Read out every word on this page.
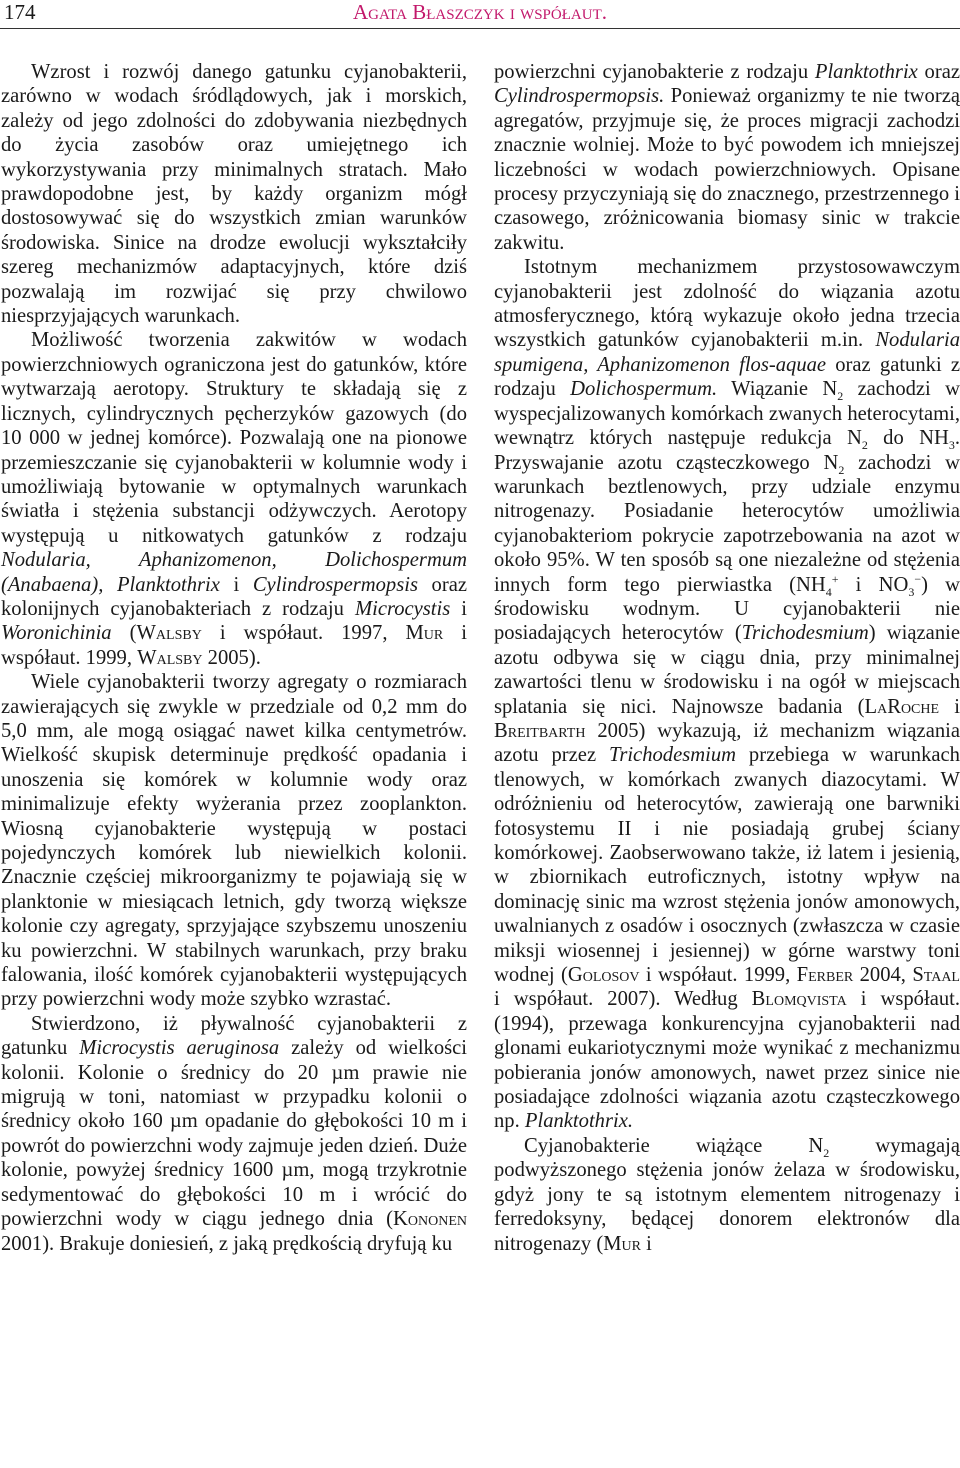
174	Agata Błaszczyk i współaut.

Wzrost i rozwój danego gatunku cyjanobakterii, zarówno w wodach śródlądowych, jak i morskich, zależy od jego zdolności do zdobywania niezbędnych do życia zasobów oraz umiejętnego ich wykorzystywania przy minimalnych stratach. Mało prawdopodobne jest, by każdy organizm mógł dostosowywać się do wszystkich zmian warunków środowiska. Sinice na drodze ewolucji wykształciły szereg mechanizmów adaptacyjnych, które dziś pozwalają im rozwijać się przy chwilowo niesprzyjających warunkach.

Możliwość tworzenia zakwitów w wodach powierzchniowych ograniczona jest do gatunków, które wytwarzają aerotopy. Struktury te składają się z licznych, cylindrycznych pęcherzyków gazowych (do 10 000 w jednej komórce). Pozwalają one na pionowe przemieszczanie się cyjanobakterii w kolumnie wody i umożliwiają bytowanie w optymalnych warunkach światła i stężenia substancji odżywczych. Aerotopy występują u nitkowatych gatunków z rodzaju Nodularia, Aphanizomenon, Dolichospermum (Anabaena), Planktothrix i Cylindrospermopsis oraz kolonijnych cyjanobakteriach z rodzaju Microcystis i Woronichinia (Walsby i współaut. 1997, Mur i współaut. 1999, Walsby 2005).

Wiele cyjanobakterii tworzy agregaty o rozmiarach zawierających się zwykle w przedziale od 0,2 mm do 5,0 mm, ale mogą osiągać nawet kilka centymetrów. Wielkość skupisk determinuje prędkość opadania i unoszenia się komórek w kolumnie wody oraz minimalizuje efekty wyżerania przez zooplankton. Wiosną cyjanobakterie występują w postaci pojedynczych komórek lub niewielkich kolonii. Znacznie częściej mikroorganizmy te pojawiają się w planktonie w miesiącach letnich, gdy tworzą większe kolonie czy agregaty, sprzyjające szybszemu unoszeniu ku powierzchni. W stabilnych warunkach, przy braku falowania, ilość komórek cyjanobakterii występujących przy powierzchni wody może szybko wzrastać.

Stwierdzono, iż pływalność cyjanobakterii z gatunku Microcystis aeruginosa zależy od wielkości kolonii. Kolonie o średnicy do 20 µm prawie nie migrują w toni, natomiast w przypadku kolonii o średnicy około 160 µm opadanie do głębokości 10 m i powrót do powierzchni wody zajmuje jeden dzień. Duże kolonie, powyżej średnicy 1600 µm, mogą trzykrotnie sedymentować do głębokości 10 m i wrócić do powierzchni wody w ciągu jednego dnia (Kononen 2001). Brakuje doniesień, z jaką prędkością dryfują ku

powierzchni cyjanobakterie z rodzaju Planktothrix oraz Cylindrospermopsis. Ponieważ organizmy te nie tworzą agregatów, przyjmuje się, że proces migracji zachodzi znacznie wolniej. Może to być powodem ich mniejszej liczebności w wodach powierzchniowych. Opisane procesy przyczyniają się do znacznego, przestrzennego i czasowego, zróżnicowania biomasy sinic w trakcie zakwitu.

Istotnym mechanizmem przystosowawczym cyjanobakterii jest zdolność do wiązania azotu atmosferycznego, którą wykazuje około jedna trzecia wszystkich gatunków cyjanobakterii m.in. Nodularia spumigena, Aphanizomenon flos-aquae oraz gatunki z rodzaju Dolichospermum. Wiązanie $N_2$ zachodzi w wyspecjalizowanych komórkach zwanych heterocytami, wewnątrz których następuje redukcja $N_2$ do $NH_3$. Przyswajanie azotu cząsteczkowego $N_2$ zachodzi w warunkach beztlenowych, przy udziale enzymu nitrogenazy. Posiadanie heterocytów umożliwia cyjanobakteriom pokrycie zapotrzebowania na azot w około 95%. W ten sposób są one niezależne od stężenia innych form tego pierwiastka ($NH_4^+$ i $NO_3^-$) w środowisku wodnym. U cyjanobakterii nie posiadających heterocytów (Trichodesmium) wiązanie azotu odbywa się w ciągu dnia, przy minimalnej zawartości tlenu w środowisku i na ogół w miejscach splatania się nici. Najnowsze badania (LaRoche i Breitbarth 2005) wykazują, iż mechanizm wiązania azotu przez Trichodesmium przebiega w warunkach tlenowych, w komórkach zwanych diazocytami. W odróżnieniu od heterocytów, zawierają one barwniki fotosystemu II i nie posiadają grubej ściany komórkowej. Zaobserwowano także, iż latem i jesienią, w zbiornikach eutroficznych, istotny wpływ na dominację sinic ma wzrost stężenia jonów amonowych, uwalnianych z osadów i osocznych (zwłaszcza w czasie miksji wiosennej i jesiennej) w górne warstwy toni wodnej (Golosov i współaut. 1999, Ferber 2004, Staal i współaut. 2007). Według Blomqvista i współaut. (1994), przewaga konkurencyjna cyjanobakterii nad glonami eukariotycznymi może wynikać z mechanizmu pobierania jonów amonowych, nawet przez sinice nie posiadające zdolności wiązania azotu cząsteczkowego np. Planktothrix.

Cyjanobakterie wiążące $N_2$ wymagają podwyższonego stężenia jonów żelaza w środowisku, gdyż jony te są istotnym elementem nitrogenazy i ferredoksyny, będącej donorem elektronów dla nitrogenazy (Mur i
